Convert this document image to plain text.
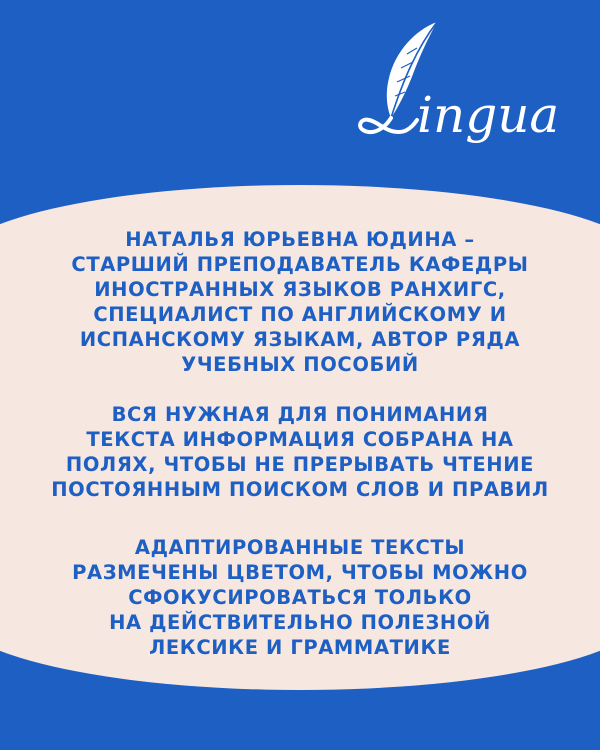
ingua
НАТАЛЬЯ ЮРЬЕВНА ЮДИНА –
СТАРШИЙ ПРЕПОДАВАТЕЛЬ КАФЕДРЫ
ИНОСТРАННЫХ ЯЗЫКОВ РАНХИГС,
СПЕЦИАЛИСТ ПО АНГЛИЙСКОМУ И
ИСПАНСКОМУ ЯЗЫКАМ, АВТОР РЯДА
УЧЕБНЫХ ПОСОБИЙ
ВСЯ НУЖНАЯ ДЛЯ ПОНИМАНИЯ
ТЕКСТА ИНФОРМАЦИЯ СОБРАНА НА
ПОЛЯХ, ЧТОБЫ НЕ ПРЕРЫВАТЬ ЧТЕНИЕ
ПОСТОЯННЫМ ПОИСКОМ СЛОВ И ПРАВИЛ
АДАПТИРОВАННЫЕ ТЕКСТЫ
РАЗМЕЧЕНЫ ЦВЕТОМ, ЧТОБЫ МОЖНО
СФОКУСИРОВАТЬСЯ ТОЛЬКО
НА ДЕЙСТВИТЕЛЬНО ПОЛЕЗНОЙ
ЛЕКСИКЕ И ГРАММАТИКЕ
